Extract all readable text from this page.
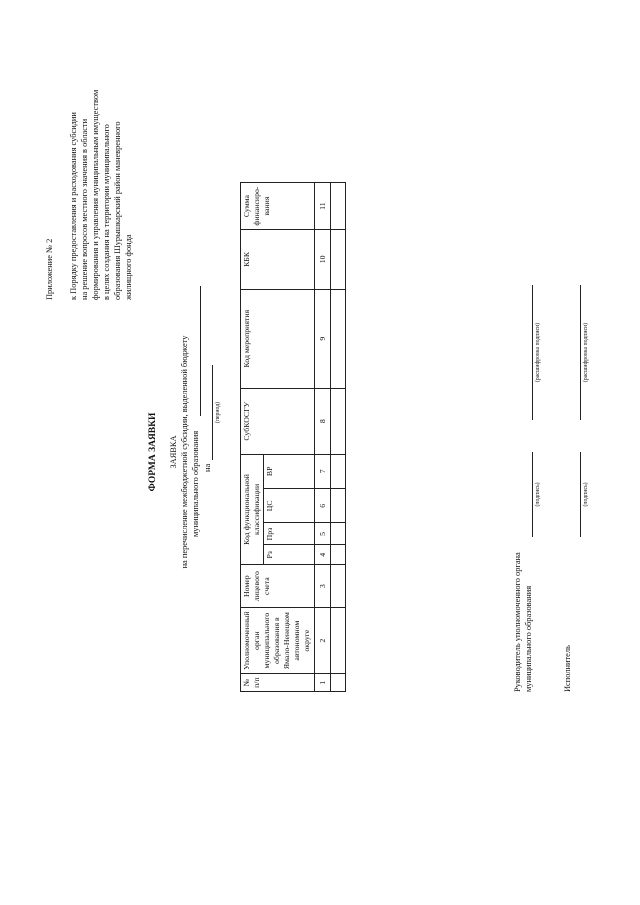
Приложение № 2 к Порядку предоставления и расходования субсидии на решение вопросов местного значения в области формирования и управления муниципальным имуществом в целях создания на территории муниципального образования Шурышкарский район маневренного жилищного фонда
ФОРМА ЗАЯВКИ ЗАЯВКА на перечисление межбюджетной субсидии, выделенной бюджету муниципального образования на
(период)
№ п/п	Уполномоченный орган муниципального образования в Ямало-Ненецком автономном округе	Номер лицевого счета	Код функциональной классификации				СубКОСГУ	Код мероприятия	КБК	Сумма финансиро-вания
			Рз	Прз	ЦС	ВР				
1	2	3	4	5	6	7	8	9	10	11

Руководитель уполномоченного органа муниципального образования
(подпись)
(расшифровка подписи)
Исполнитель
(подпись)
(расшифровка подписи)
